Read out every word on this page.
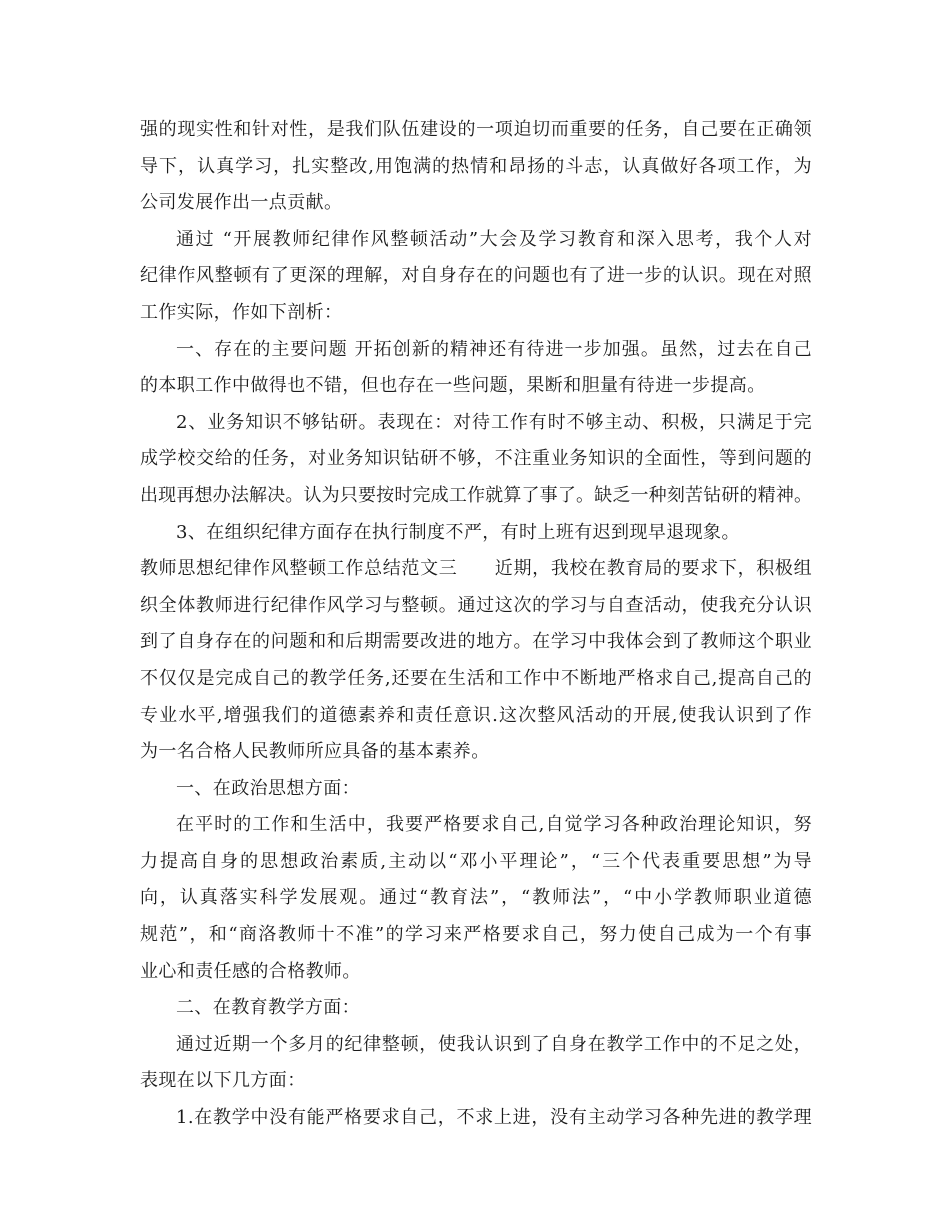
强的现实性和针对性，是我们队伍建设的一项迫切而重要的任务，自己要在正确领
导下，认真学习，扎实整改,用饱满的热情和昂扬的斗志，认真做好各项工作，为
公司发展作出一点贡献。
通过 “开展教师纪律作风整顿活动”大会及学习教育和深入思考，我个人对
纪律作风整顿有了更深的理解，对自身存在的问题也有了进一步的认识。现在对照
工作实际，作如下剖析：
一、存在的主要问题 开拓创新的精神还有待进一步加强。虽然，过去在自己
的本职工作中做得也不错，但也存在一些问题，果断和胆量有待进一步提高。
2、业务知识不够钻研。表现在：对待工作有时不够主动、积极，只满足于完
成学校交给的任务，对业务知识钻研不够，不注重业务知识的全面性，等到问题的
出现再想办法解决。认为只要按时完成工作就算了事了。缺乏一种刻苦钻研的精神。
3、在组织纪律方面存在执行制度不严，有时上班有迟到现早退现象。
教师思想纪律作风整顿工作总结范文三　　近期，我校在教育局的要求下，积极组
织全体教师进行纪律作风学习与整顿。通过这次的学习与自查活动，使我充分认识
到了自身存在的问题和和后期需要改进的地方。在学习中我体会到了教师这个职业
不仅仅是完成自己的教学任务,还要在生活和工作中不断地严格求自己,提高自己的
专业水平,增强我们的道德素养和责任意识.这次整风活动的开展,使我认识到了作
为一名合格人民教师所应具备的基本素养。
一、在政治思想方面：
在平时的工作和生活中，我要严格要求自己,自觉学习各种政治理论知识，努
力提高自身的思想政治素质,主动以“邓小平理论”，“三个代表重要思想”为导
向，认真落实科学发展观。通过“教育法”，“教师法”，“中小学教师职业道德
规范”，和“商洛教师十不准”的学习来严格要求自己，努力使自己成为一个有事
业心和责任感的合格教师。
二、在教育教学方面：
通过近期一个多月的纪律整顿，使我认识到了自身在教学工作中的不足之处，
表现在以下几方面：
1.在教学中没有能严格要求自己，不求上进，没有主动学习各种先进的教学理
